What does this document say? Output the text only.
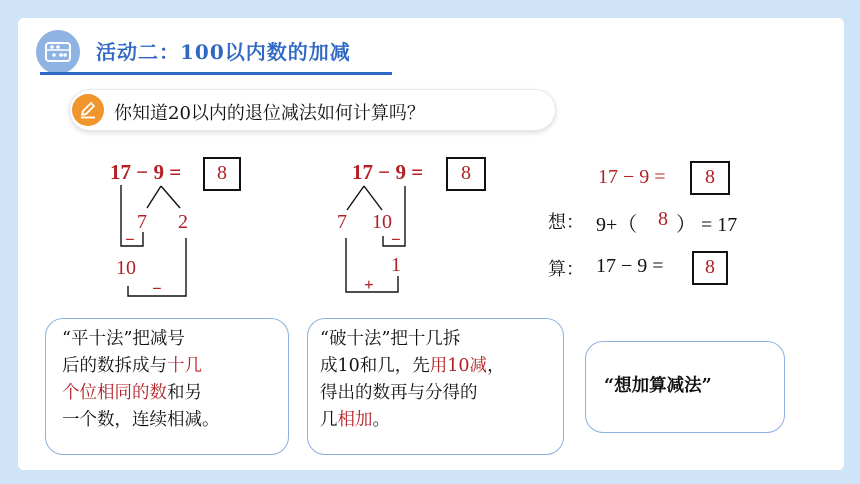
活动二：100以内数的加减
你知道20以内的退位减法如何计算吗？
17 − 9 =	8
7 2
−
10
−
17 − 9 =	8
7 10
−
1
+
17 − 9 =	8
想： 9+（ 8 ） = 17
算： 17 − 9 =	8
“平十法”把减号
后的数拆成与十几
个位相同的数和另
一个数，连续相减。
“破十法”把十几拆
成10和几，先用10减，
得出的数再与分得的
几相加。
“想加算减法”
